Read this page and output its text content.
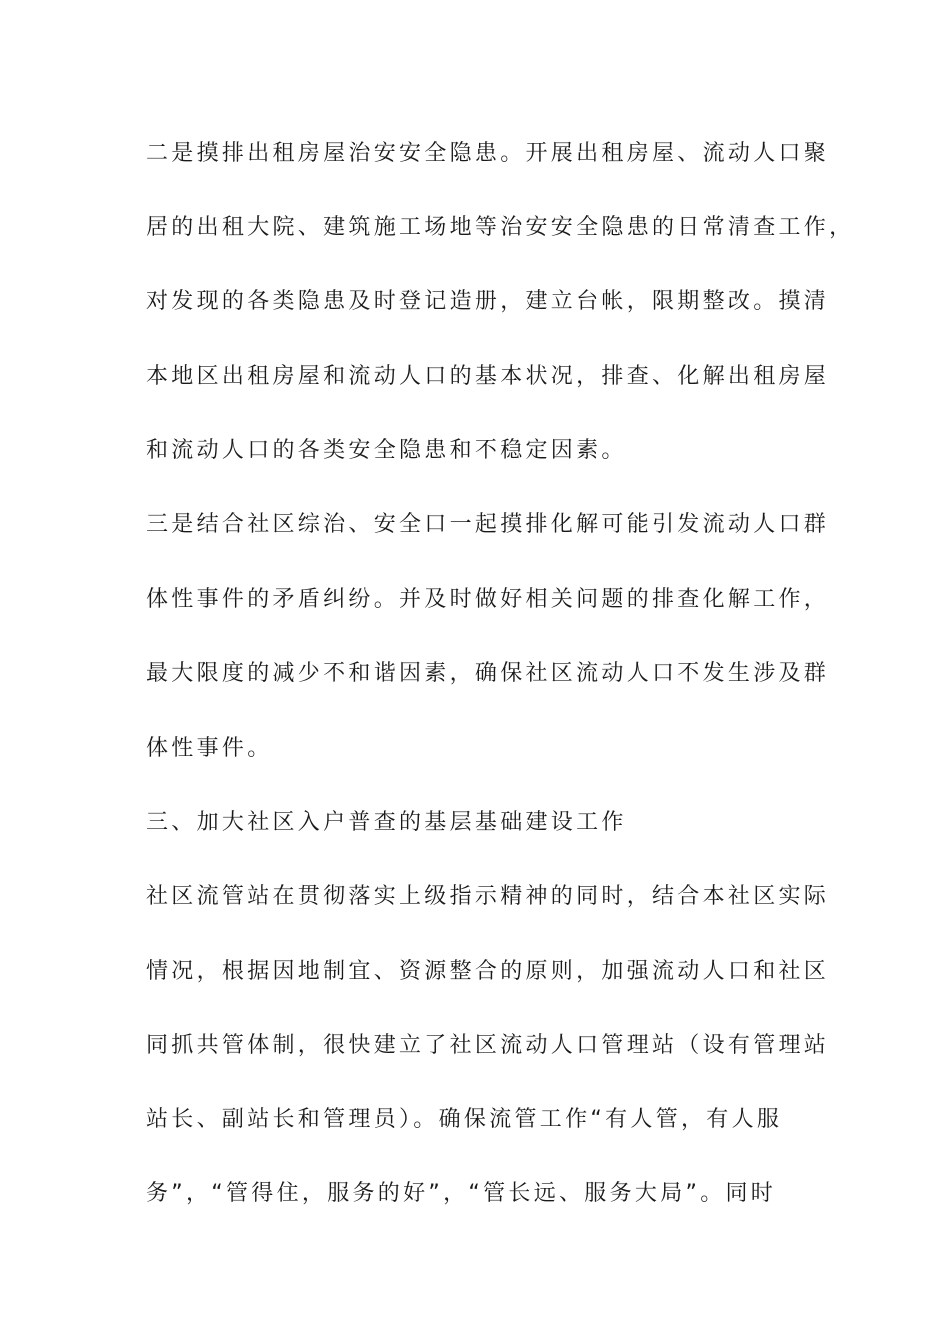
二是摸排出租房屋治安安全隐患。开展出租房屋、流动人口聚
居的出租大院、建筑施工场地等治安安全隐患的日常清查工作，
对发现的各类隐患及时登记造册，建立台帐，限期整改。摸清
本地区出租房屋和流动人口的基本状况，排查、化解出租房屋
和流动人口的各类安全隐患和不稳定因素。
三是结合社区综治、安全口一起摸排化解可能引发流动人口群
体性事件的矛盾纠纷。并及时做好相关问题的排查化解工作，
最大限度的减少不和谐因素，确保社区流动人口不发生涉及群
体性事件。
三、加大社区入户普查的基层基础建设工作
社区流管站在贯彻落实上级指示精神的同时，结合本社区实际
情况，根据因地制宜、资源整合的原则，加强流动人口和社区
同抓共管体制，很快建立了社区流动人口管理站（设有管理站
站长、副站长和管理员）。确保流管工作“有人管，有人服
务”，“管得住，服务的好”，“管长远、服务大局”。同时
